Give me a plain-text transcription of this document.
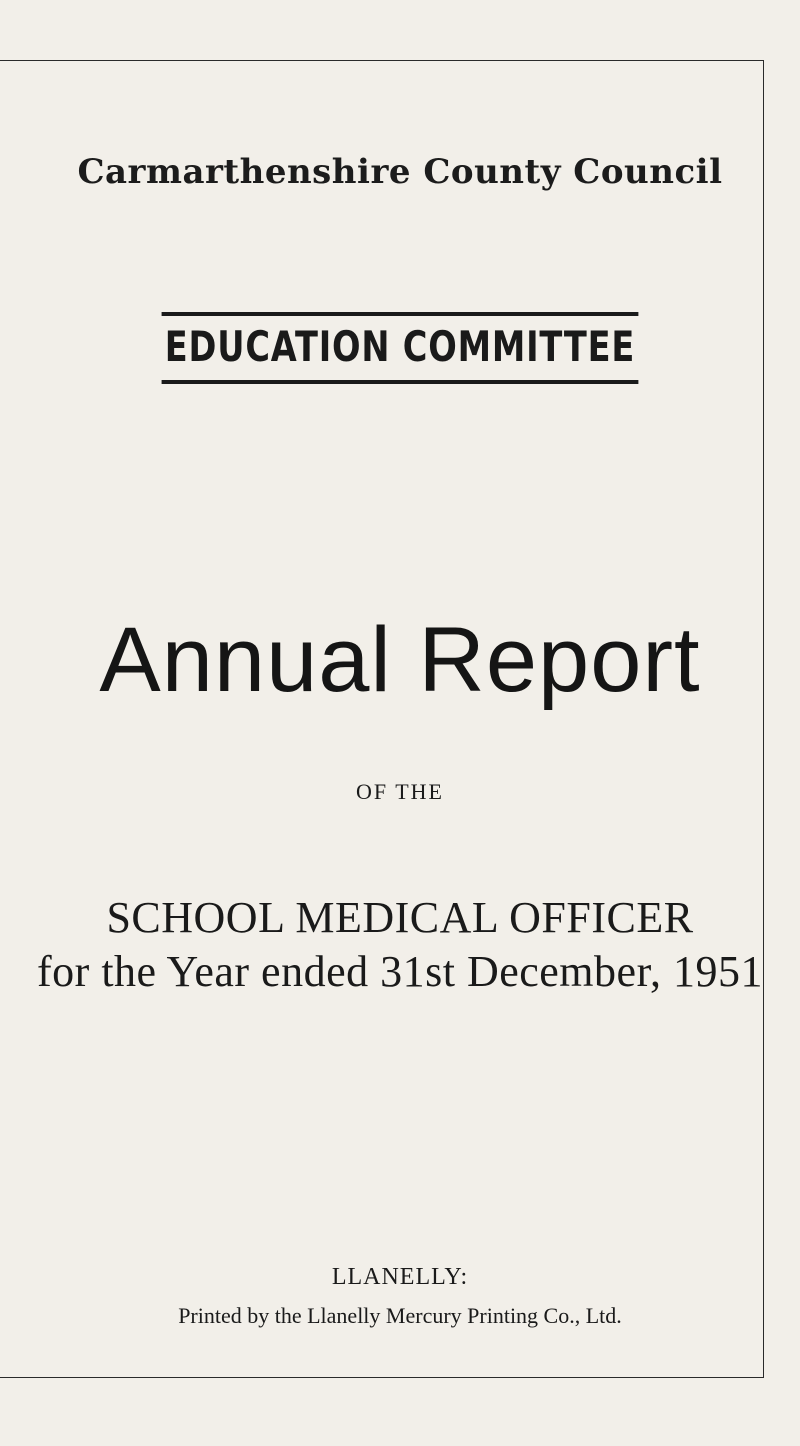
Carmarthenshire County Council
EDUCATION COMMITTEE
Annual Report
OF THE
SCHOOL MEDICAL OFFICER
for the Year ended 31st December, 1951
LLANELLY:
Printed by the Llanelly Mercury Printing Co., Ltd.
